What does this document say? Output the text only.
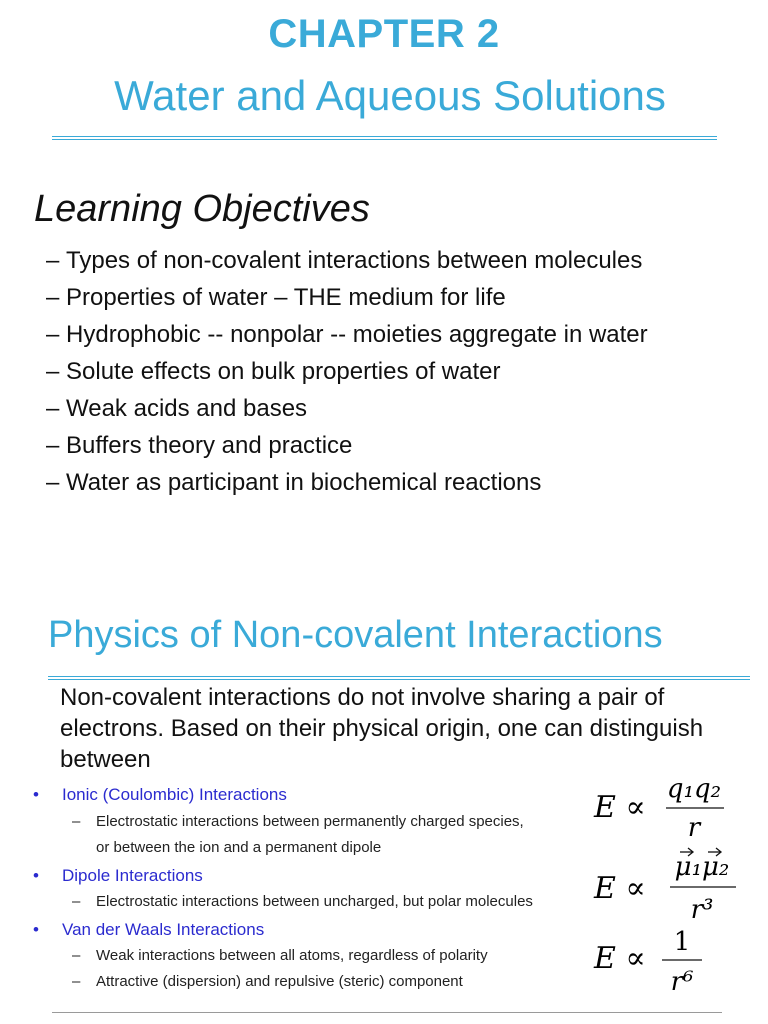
CHAPTER 2
Water and Aqueous Solutions
Learning Objectives
– Types of non-covalent interactions between molecules
– Properties of water – THE medium for life
– Hydrophobic -- nonpolar -- moieties aggregate in water
– Solute effects on bulk properties of water
– Weak acids and bases
– Buffers theory and practice
– Water as participant in biochemical reactions
Physics of Non-covalent Interactions
Non-covalent interactions do not involve sharing a pair of electrons. Based on their physical origin, one can distinguish between
• Ionic (Coulombic) Interactions
– Electrostatic interactions between permanently charged species,
or between the ion and a permanent dipole
• Dipole Interactions
– Electrostatic interactions between uncharged, but polar molecules
• Van der Waals Interactions
– Weak interactions between all atoms, regardless of polarity
– Attractive (dispersion) and repulsive (steric) component
E ∝
q₁q₂
r
E ∝
μ₁μ₂
r³
E ∝ 1
r⁶
